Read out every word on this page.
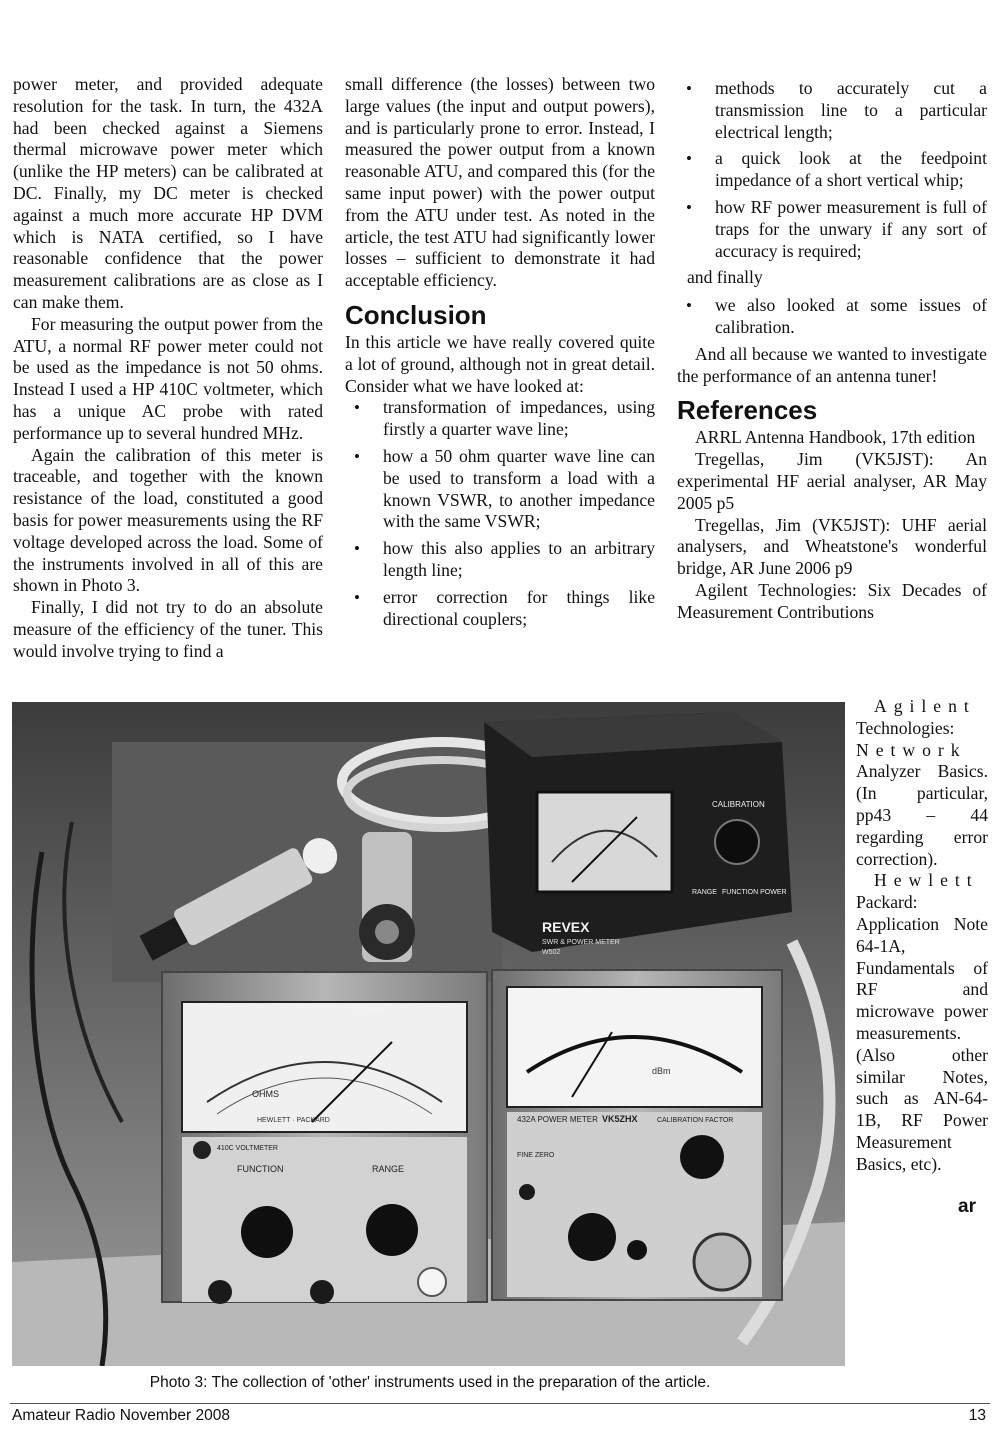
power meter, and provided adequate resolution for the task. In turn, the 432A had been checked against a Siemens thermal microwave power meter which (unlike the HP meters) can be calibrated at DC. Finally, my DC meter is checked against a much more accurate HP DVM which is NATA certified, so I have reasonable confidence that the power measurement calibrations are as close as I can make them.

For measuring the output power from the ATU, a normal RF power meter could not be used as the impedance is not 50 ohms. Instead I used a HP 410C voltmeter, which has a unique AC probe with rated performance up to several hundred MHz.

Again the calibration of this meter is traceable, and together with the known resistance of the load, constituted a good basis for power measurements using the RF voltage developed across the load. Some of the instruments involved in all of this are shown in Photo 3.

Finally, I did not try to do an absolute measure of the efficiency of the tuner. This would involve trying to find a

small difference (the losses) between two large values (the input and output powers), and is particularly prone to error. Instead, I measured the power output from a known reasonable ATU, and compared this (for the same input power) with the power output from the ATU under test. As noted in the article, the test ATU had significantly lower losses – sufficient to demonstrate it had acceptable efficiency.

Conclusion

In this article we have really covered quite a lot of ground, although not in great detail. Consider what we have looked at:

• transformation of impedances, using firstly a quarter wave line;
• how a 50 ohm quarter wave line can be used to transform a load with a known VSWR, to another impedance with the same VSWR;
• how this also applies to an arbitrary length line;
• error correction for things like directional couplers;
• methods to accurately cut a transmission line to a particular electrical length;
• a quick look at the feedpoint impedance of a short vertical whip;
• how RF power measurement is full of traps for the unwary if any sort of accuracy is required;

and finally

• we also looked at some issues of calibration.

And all because we wanted to investigate the performance of an antenna tuner!

References

ARRL Antenna Handbook, 17th edition

Tregellas, Jim (VK5JST): An experimental HF aerial analyser, AR May 2005 p5

Tregellas, Jim (VK5JST): UHF aerial analysers, and Wheatstone's wonderful bridge, AR June 2006 p9

Agilent Technologies: Six Decades of Measurement Contributions

Agilent

Technologies:

Network

Analyzer Basics. (In particular, pp43 – 44 regarding error correction).

Hewlett

Packard: Application Note 64-1A, Fundamentals of RF and microwave power measurements. (Also other similar Notes, such as AN-64-1B, RF Power Measurement Basics, etc).

ar
REVEX
SWR & POWER METER
W502
CALIBRATION
RANGE FUNCTION POWER
OHMS
HEWLETT · PACKARD
410C VOLTMETER
FUNCTION	RANGE
dBm
432A POWER METER VK5ZHX	CALIBRATION FACTOR
FINE ZERO
POWER
Photo 3: The collection of 'other' instruments used in the preparation of the article.
Amateur Radio November 2008	13
